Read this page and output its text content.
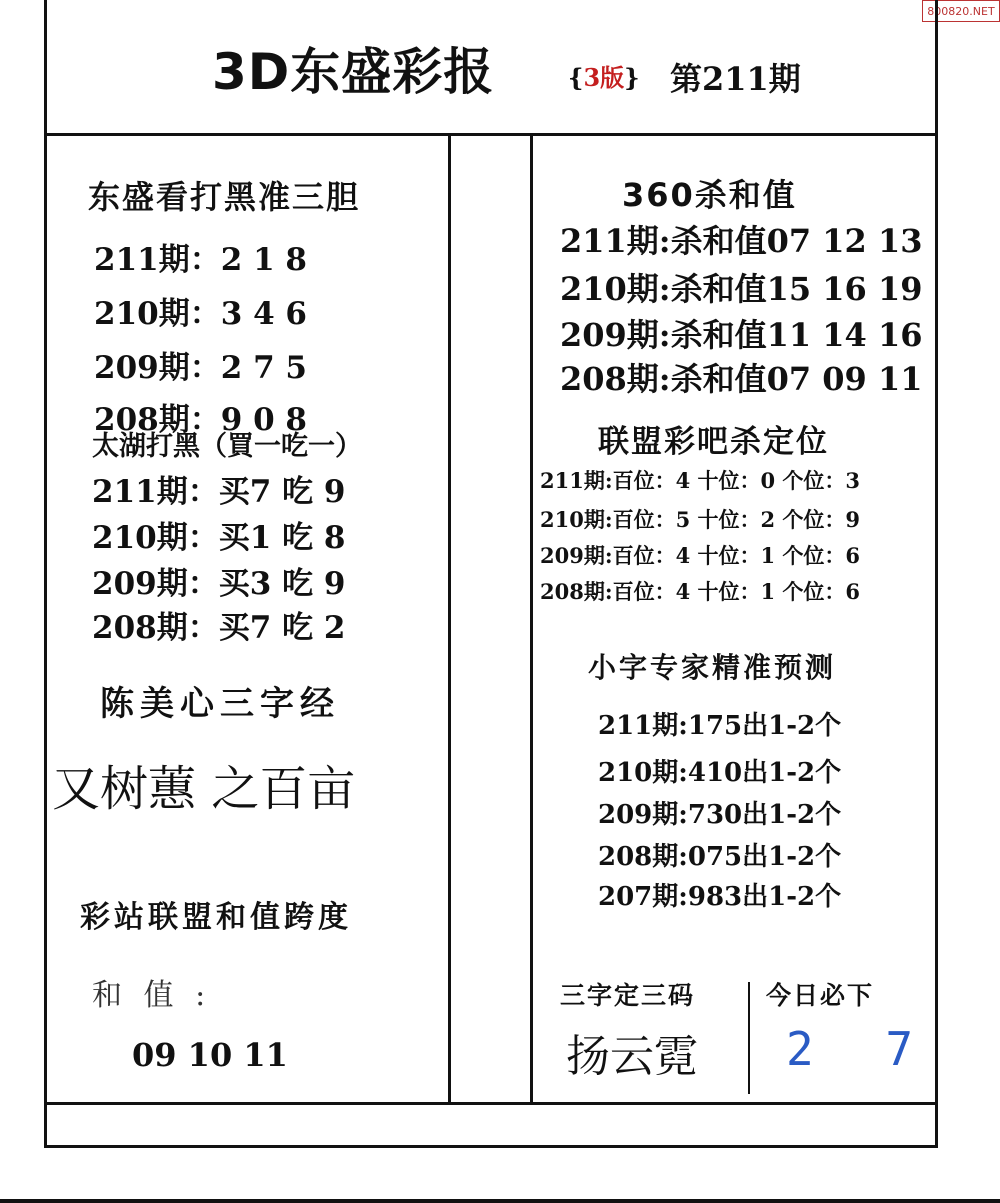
800820.NET
3D东盛彩报	{3版} 第211期
东盛看打黑准三胆
211期：2 1 8
210期：3 4 6
209期：2 7 5
208期：9 0 8
太湖打黑（買一吃一）
211期：买7 吃 9
210期：买1 吃 8
209期：买3 吃 9
208期：买7 吃 2
陈美心三字经
又树蕙 之百亩
彩站联盟和值跨度
和 值 :
09 10 11
360杀和值
211期:杀和值07 12 13
210期:杀和值15 16 19
209期:杀和值11 14 16
208期:杀和值07 09 11
联盟彩吧杀定位
211期:百位：4 十位：0 个位：3
210期:百位：5 十位：2 个位：9
209期:百位：4 十位：1 个位：6
208期:百位：4 十位：1 个位：6
小字专家精准预测
211期:175出1-2个
210期:410出1-2个
209期:730出1-2个
208期:075出1-2个
207期:983出1-2个
三字定三码	今日必下
扬云霓 2 7
